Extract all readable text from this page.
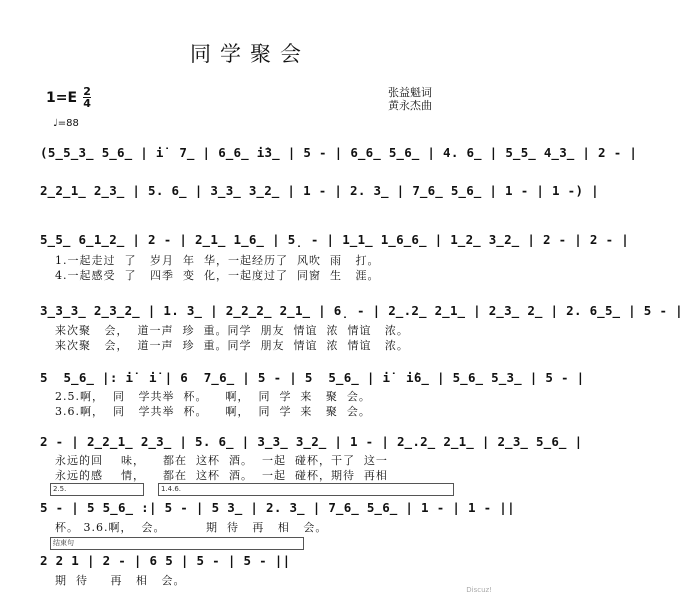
同学聚会
$1=E \frac{2}{4}$	张益魁词
黄永杰曲
♩=88
(5̲5̲3̲ 5̲6̲ | i̇  7̲ | 6̲6̲ i̇3̲ | 5 - | 6̲6̲ 5̲6̲ | 4. 6̲ | 5̲5̲ 4̲3̲ | 2 - |
2̲2̲1̲ 2̲3̲ | 5. 6̲ | 3̲3̲ 3̲2̲ | 1 - | 2. 3̲ | 7̲6̲ 5̲6̲ | 1 - | 1 -) |
5̲5̲ 6̲1̲2̲ | 2 - | 2̲1̲ 1̲6̲ | 5̣ - | 1̲1̲ 1̲6̲6̲ | 1̲2̲ 3̲2̲ | 2 - | 2 - |
1.一起走过  了   岁月  年  华，一起经历了  风吹  雨   打。
4.一起感受  了   四季  变  化，一起度过了  同窗  生   涯。
3̲3̲3̲ 2̲3̲2̲ | 1. 3̲ | 2̲2̲2̲ 2̲1̲ | 6̣ - | 2̲.2̲ 2̲1̲ | 2̲3̲ 2̲ | 2. 6̲5̲ | 5 - |
来次聚   会，  道一声  珍  重。同学  朋友  情谊  浓  情谊   浓。
来次聚   会，  道一声  珍  重。同学  朋友  情谊  浓  情谊   浓。
5  5̲6̲ |: i̇  i̇ | 6  7̲6̲ | 5 - | 5  5̲6̲ | i̇  i̇6̲ | 5̲6̲ 5̲3̲ | 5 - |
2.5.啊，  同   学共举  杯。    啊，  同  学  来   聚  会。
3.6.啊，  同   学共举  杯。    啊，  同  学  来   聚  会。
2 - | 2̲2̲1̲ 2̲3̲ | 5. 6̲ | 3̲3̲ 3̲2̲ | 1 - | 2̲.2̲ 2̲1̲ | 2̲3̲ 5̲6̲ |
永远的回    味，    都在  这杯  酒。  一起  碰杯，干了  这一
永远的感    情，    都在  这杯  酒。  一起  碰杯，期待  再相
2.5.	1.4.6.
5 - | 5 5̲6̲ :| 5 - | 5 3̲ | 2. 3̲ | 7̲6̲ 5̲6̲ | 1 - | 1 - ||
杯。 3.6.啊，  会。         期  待   再   相   会。
结束句
2 2 1 | 2 - | 6 5 | 5 - | 5 - ||
期  待     再   相   会。
Discuz!
